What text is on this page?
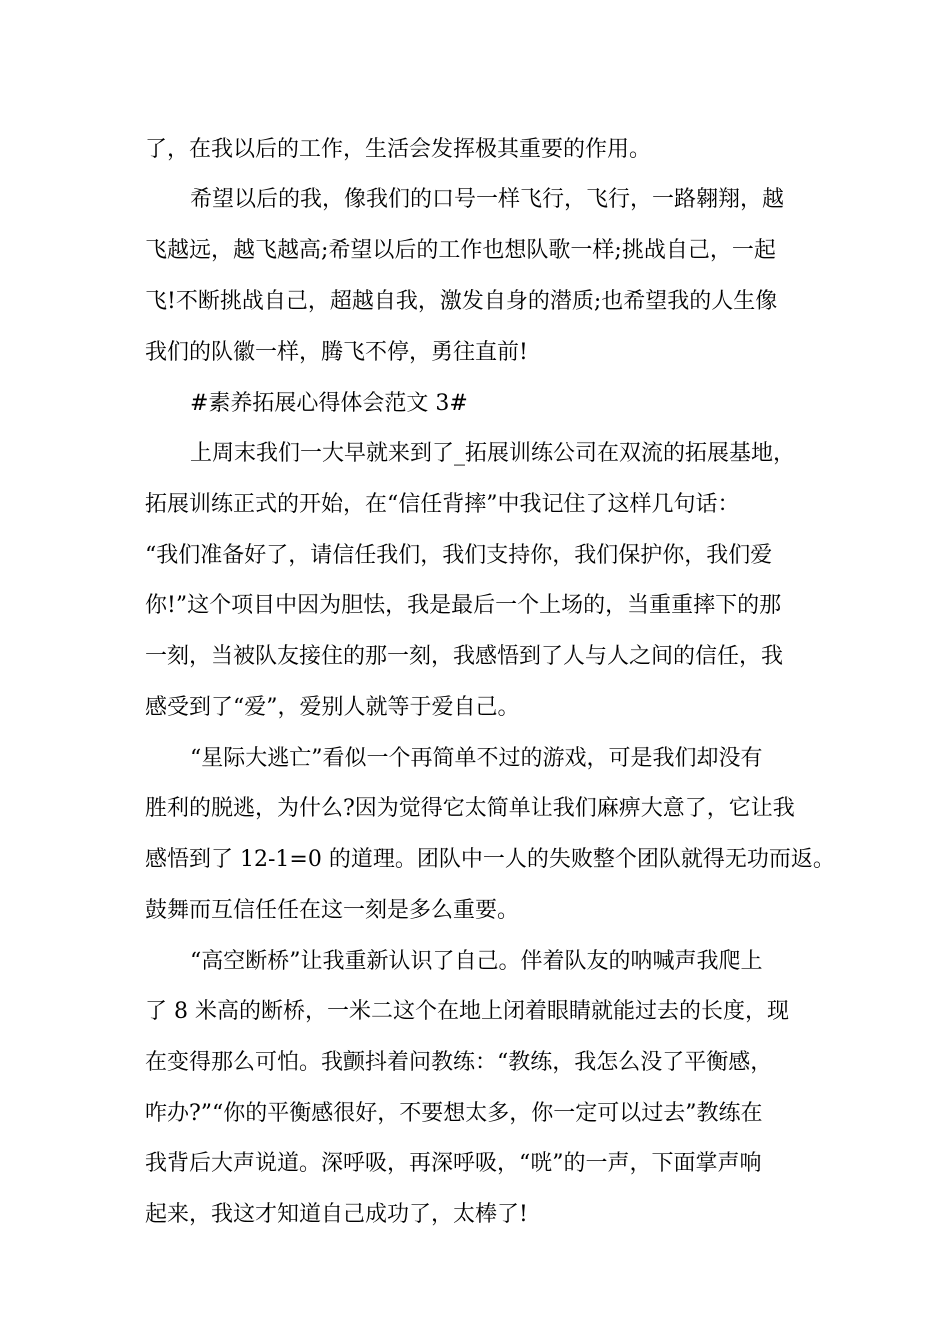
了，在我以后的工作，生活会发挥极其重要的作用。
希望以后的我，像我们的口号一样飞行，飞行，一路翱翔，越
飞越远，越飞越高;希望以后的工作也想队歌一样;挑战自己，一起
飞!不断挑战自己，超越自我，激发自身的潜质;也希望我的人生像
我们的队徽一样，腾飞不停，勇往直前!
#素养拓展心得体会范文 3#
上周末我们一大早就来到了_拓展训练公司在双流的拓展基地，
拓展训练正式的开始，在“信任背摔”中我记住了这样几句话：
“我们准备好了，请信任我们，我们支持你，我们保护你，我们爱
你!”这个项目中因为胆怯，我是最后一个上场的，当重重摔下的那
一刻，当被队友接住的那一刻，我感悟到了人与人之间的信任，我
感受到了“爱”，爱别人就等于爱自己。
“星际大逃亡”看似一个再简单不过的游戏，可是我们却没有
胜利的脱逃，为什么?因为觉得它太简单让我们麻痹大意了，它让我
感悟到了 12-1=0 的道理。团队中一人的失败整个团队就得无功而返。
鼓舞而互信任任在这一刻是多么重要。
“高空断桥”让我重新认识了自己。伴着队友的呐喊声我爬上
了 8 米高的断桥，一米二这个在地上闭着眼睛就能过去的长度，现
在变得那么可怕。我颤抖着问教练：“教练，我怎么没了平衡感，
咋办?”“你的平衡感很好，不要想太多，你一定可以过去”教练在
我背后大声说道。深呼吸，再深呼吸，“咣”的一声，下面掌声响
起来，我这才知道自己成功了，太棒了!
